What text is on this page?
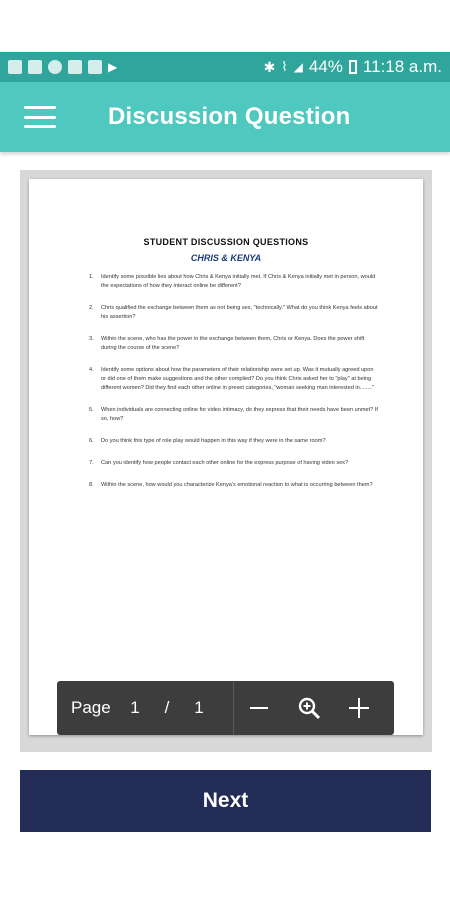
▶	✱ ⌇ ◢ 44% 11:18 a.m.
Discussion Question
STUDENT DISCUSSION QUESTIONS
CHRIS & KENYA
1.	Identify some possible lies about how Chris & Kenya initially met. If Chris & Kenya initially met in person, would the expectations of how they interact online be different?
2.	Chris qualified the exchange between them as not being sex, "technically." What do you think Kenya feels about his assertion?
3.	Within the scene, who has the power in the exchange between them, Chris or Kenya. Does the power shift during the course of the scene?
4.	Identify some options about how the parameters of their relationship were set up. Was it mutually agreed upon or did one of them make suggestions and the other complied? Do you think Chris asked her to "play" at being different women? Did they find each other online in preset categories, "woman seeking man interested in........"
5.	When individuals are connecting online for video intimacy, do they express that their needs have been unmet? If so, how?
6.	Do you think this type of role play would happen in this way if they were in the same room?
7.	Can you identify how people contact each other online for the express purpose of having video sex?
8.	Within the scene, how would you characterize Kenya's emotional reaction to what is occurring between them?
Page	1	/	1
Next
